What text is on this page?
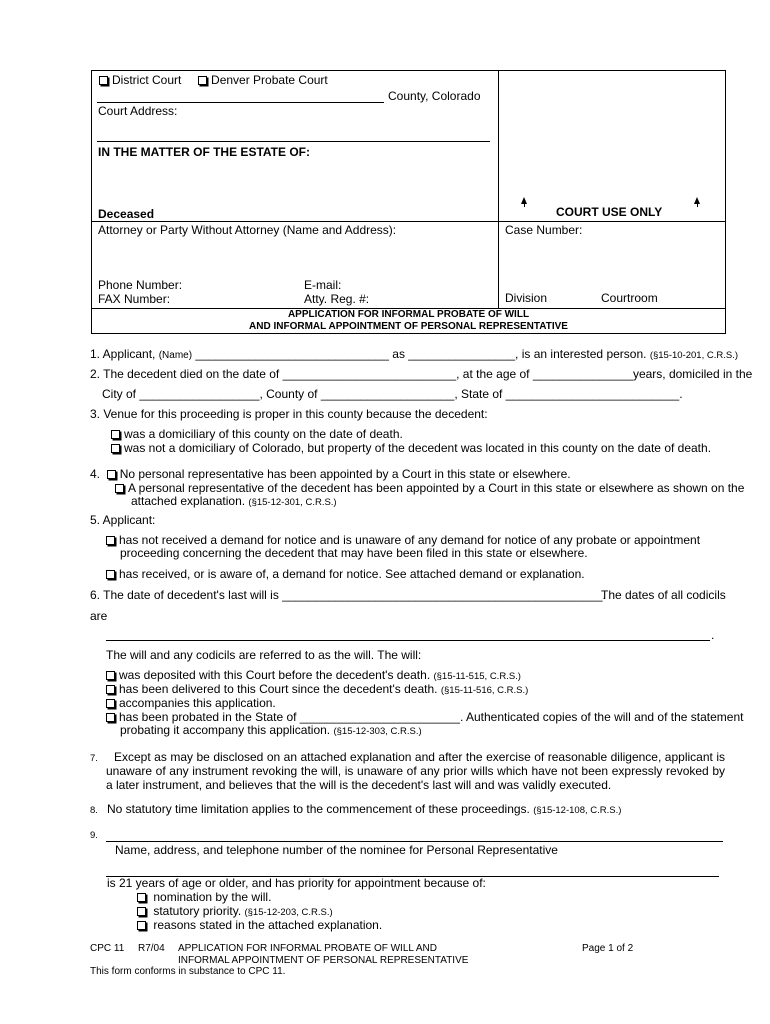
District Court Denver Probate Court
County, Colorado
Court Address:
IN THE MATTER OF THE ESTATE OF:
Deceased	COURT USE ONLY
Attorney or Party Without Attorney (Name and Address):	Case Number:
Phone Number:	E-mail:
FAX Number:	Atty. Reg. #:	Division	Courtroom
APPLICATION FOR INFORMAL PROBATE OF WILL
AND INFORMAL APPOINTMENT OF PERSONAL REPRESENTATIVE
1. Applicant, (Name) _____________________________ as ________________, is an interested person. (§15-10-201, C.R.S.)
2. The decedent died on the date of __________________________, at the age of _______________years, domiciled in the
City of __________________, County of ____________________, State of __________________________.
3. Venue for this proceeding is proper in this county because the decedent:
was a domiciliary of this county on the date of death.
was not a domiciliary of Colorado, but property of the decedent was located in this county on the date of death.
4. No personal representative has been appointed by a Court in this state or elsewhere.
A personal representative of the decedent has been appointed by a Court in this state or elsewhere as shown on the
attached explanation. (§15-12-301, C.R.S.)
5. Applicant:
has not received a demand for notice and is unaware of any demand for notice of any probate or appointment
proceeding concerning the decedent that may have been filed in this state or elsewhere.
has received, or is aware of, a demand for notice. See attached demand or explanation.
6. The date of decedent's last will is ________________________________________________.
The dates of all codicils
are
.
The will and any codicils are referred to as the will. The will:
was deposited with this Court before the decedent's death. (§15-11-515, C.R.S.)
has been delivered to this Court since the decedent's death. (§15-11-516, C.R.S.)
accompanies this application.
has been probated in the State of ________________________. Authenticated copies of the will and of the statement
probating it accompany this application. (§15-12-303, C.R.S.)
7.	Except as may be disclosed on an attached explanation and after the exercise of reasonable diligence, applicant is unaware of any instrument revoking the will, is unaware of any prior wills which have not been expressly revoked by a later instrument, and believes that the will is the decedent's last will and was validly executed.
8. No statutory time limitation applies to the commencement of these proceedings. (§15-12-108, C.R.S.)
9.
Name, address, and telephone number of the nominee for Personal Representative
is 21 years of age or older, and has priority for appointment because of:
nomination by the will.
statutory priority. (§15-12-203, C.R.S.)
reasons stated in the attached explanation.
CPC 11 R7/04 APPLICATION FOR INFORMAL PROBATE OF WILL AND
INFORMAL APPOINTMENT OF PERSONAL REPRESENTATIVE
Page 1 of 2
This form conforms in substance to CPC 11.
